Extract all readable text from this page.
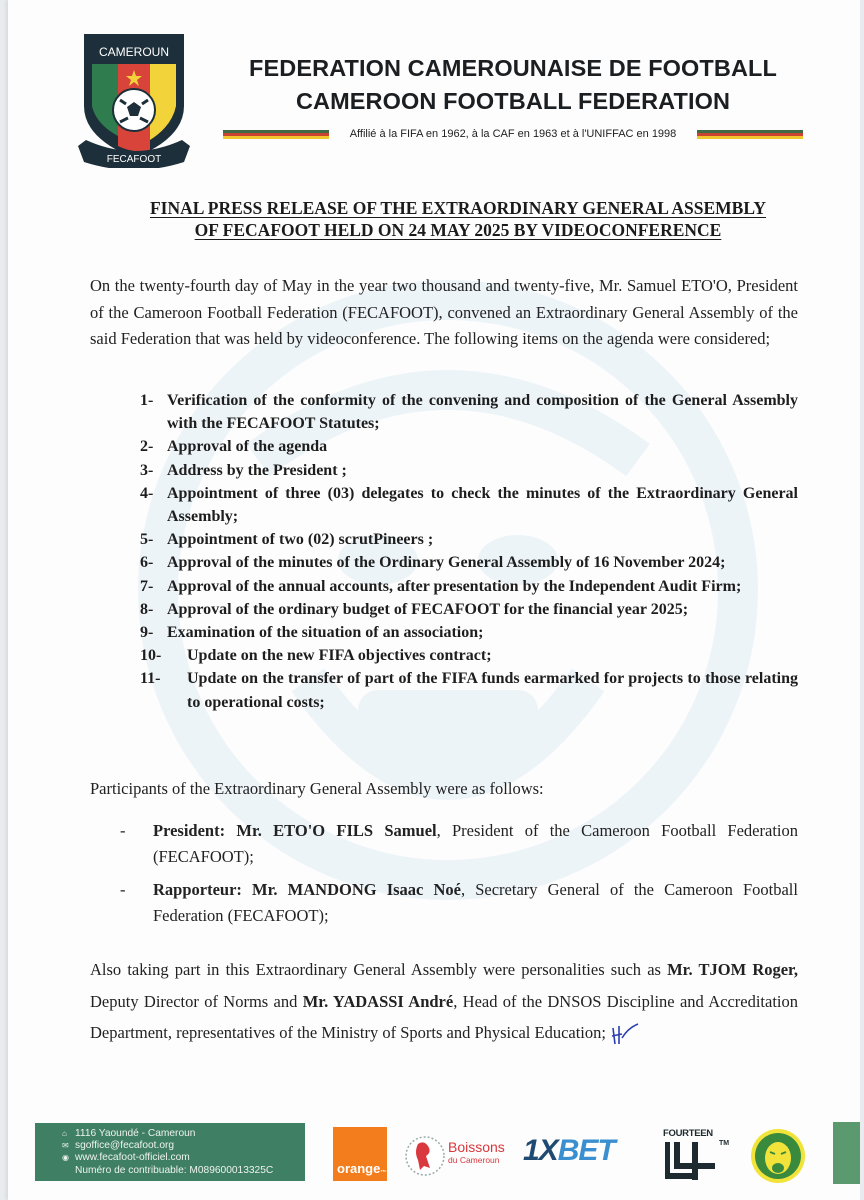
CAMEROUN
FECAFOOT
FEDERATION CAMEROUNAISE DE FOOTBALL
CAMEROON FOOTBALL FEDERATION
Affilié à la FIFA en 1962, à la CAF en 1963 et à l'UNIFFAC en 1998
FINAL PRESS RELEASE OF THE EXTRAORDINARY GENERAL ASSEMBLY
OF FECAFOOT HELD ON 24 MAY 2025 BY VIDEOCONFERENCE

On the twenty-fourth day of May in the year two thousand and twenty-five, Mr. Samuel ETO'O, President of the Cameroon Football Federation (FECAFOOT), convened an Extraordinary General Assembly of the said Federation that was held by videoconference. The following items on the agenda were considered;

1- Verification of the conformity of the convening and composition of the General Assembly with the FECAFOOT Statutes;
2- Approval of the agenda
3- Address by the President ;
4- Appointment of three (03) delegates to check the minutes of the Extraordinary General Assembly;
5- Appointment of two (02) scrutPineers ;
6- Approval of the minutes of the Ordinary General Assembly of 16 November 2024;
7- Approval of the annual accounts, after presentation by the Independent Audit Firm;
8- Approval of the ordinary budget of FECAFOOT for the financial year 2025;
9- Examination of the situation of an association;
10-	Update on the new FIFA objectives contract;
11-	Update on the transfer of part of the FIFA funds earmarked for projects to those relating to operational costs;

Participants of the Extraordinary General Assembly were as follows:

-	President: Mr. ETO'O FILS Samuel, President of the Cameroon Football Federation (FECAFOOT);
-	Rapporteur: Mr. MANDONG Isaac Noé, Secretary General of the Cameroon Football Federation (FECAFOOT);

Also taking part in this Extraordinary General Assembly were personalities such as Mr. TJOM Roger, Deputy Director of Norms and Mr. YADASSI André, Head of the DNSOS Discipline and Accreditation Department, representatives of the Ministry of Sports and Physical Education;

⌂ 1116 Yaoundé - Cameroun
✉ sgoffice@fecafoot.org
◉ www.fecafoot-officiel.com
Numéro de contribuable: M089600013325C	orange ™
Boissons
du Cameroun 1XBET
FOURTEEN
TM
